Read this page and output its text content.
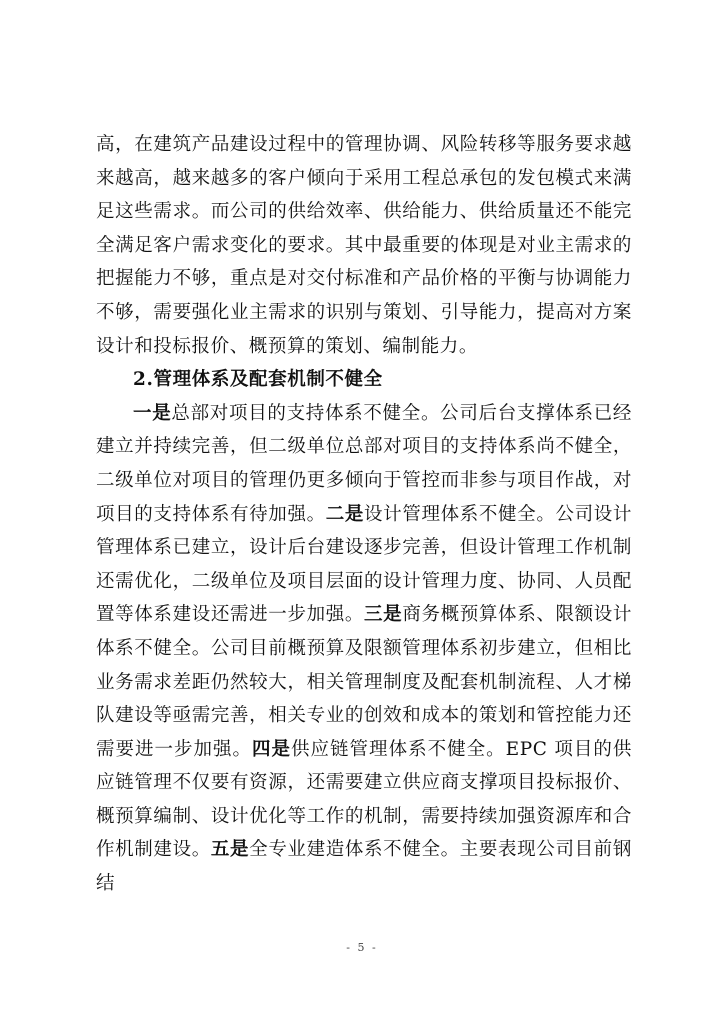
高，在建筑产品建设过程中的管理协调、风险转移等服务要求越来越高，越来越多的客户倾向于采用工程总承包的发包模式来满足这些需求。而公司的供给效率、供给能力、供给质量还不能完全满足客户需求变化的要求。其中最重要的体现是对业主需求的把握能力不够，重点是对交付标准和产品价格的平衡与协调能力不够，需要强化业主需求的识别与策划、引导能力，提高对方案设计和投标报价、概预算的策划、编制能力。

2.管理体系及配套机制不健全

一是总部对项目的支持体系不健全。公司后台支撑体系已经建立并持续完善，但二级单位总部对项目的支持体系尚不健全，二级单位对项目的管理仍更多倾向于管控而非参与项目作战，对项目的支持体系有待加强。二是设计管理体系不健全。公司设计管理体系已建立，设计后台建设逐步完善，但设计管理工作机制还需优化，二级单位及项目层面的设计管理力度、协同、人员配置等体系建设还需进一步加强。三是商务概预算体系、限额设计体系不健全。公司目前概预算及限额管理体系初步建立，但相比业务需求差距仍然较大，相关管理制度及配套机制流程、人才梯队建设等亟需完善，相关专业的创效和成本的策划和管控能力还需要进一步加强。四是供应链管理体系不健全。EPC 项目的供应链管理不仅要有资源，还需要建立供应商支撑项目投标报价、概预算编制、设计优化等工作的机制，需要持续加强资源库和合作机制建设。五是全专业建造体系不健全。主要表现公司目前钢结

- 5 -
